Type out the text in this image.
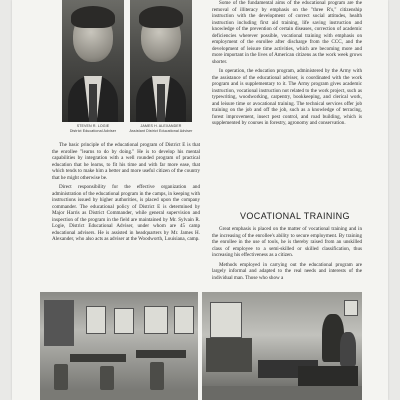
STEVEN R. LOGIE
District Educational Adviser
JAMES H. ALEXANDER
Assistant District Educational Adviser

The basic principle of the educational program of District E is that the enrollee "learns to do by doing." He is to develop his mental capabilities by integration with a well rounded program of practical education that he learns, to fit his time and with far more ease, that which tends to make him a better and more useful citizen of the country that he might otherwise be.

Direct responsibility for the effective organization and administration of the educational program in the camps, in keeping with instructions issued by higher authorities, is placed upon the company commander. The educational policy of District E is determined by Major Harris as District Commander, while general supervision and inspection of the program in the field are maintained by Mr. Sylvain R. Logie, District Educational Adviser, under whom are 45 camp educational advisers. He is assisted in headquarters by Mr. James H. Alexander, who also acts as adviser at the Woodworth, Louisiana, camp.

Some of the fundamental aims of the educational program are the removal of illiteracy by emphasis on the "three R's," citizenship instruction with the development of correct social attitudes, health instruction including first aid training, life saving instruction and knowledge of the prevention of certain diseases, correction of academic deficiencies wherever possible, vocational training with emphasis on employment of the enrollee after discharge from the CCC, and the development of leisure time activities, which are becoming more and more important in the lives of American citizens as the work week grows shorter.

In operation, the education program, administered by the Army with the assistance of the educational adviser, is coordinated with the work program and is supplementary to it. The Army program gives academic instruction, vocational instruction not related to the work project, such as typewriting, woodworking, carpentry, bookkeeping, and clerical work, and leisure time or avocational training. The technical services offer job training on the job and off the job, such as a knowledge of terracing, forest improvement, insect pest control, and road building, which is supplemented by courses in forestry, agronomy and conservation.

VOCATIONAL TRAINING

Great emphasis is placed on the matter of vocational training and in the increasing of the enrollee's ability to secure employment. By training the enrollee in the use of tools, he is thereby raised from an unskilled class of employee to a semi-skilled or skilled classification, thus increasing his effectiveness as a citizen.

Methods employed in carrying out the educational program are largely informal and adapted to the real needs and interests of the individual man. Those who show a
